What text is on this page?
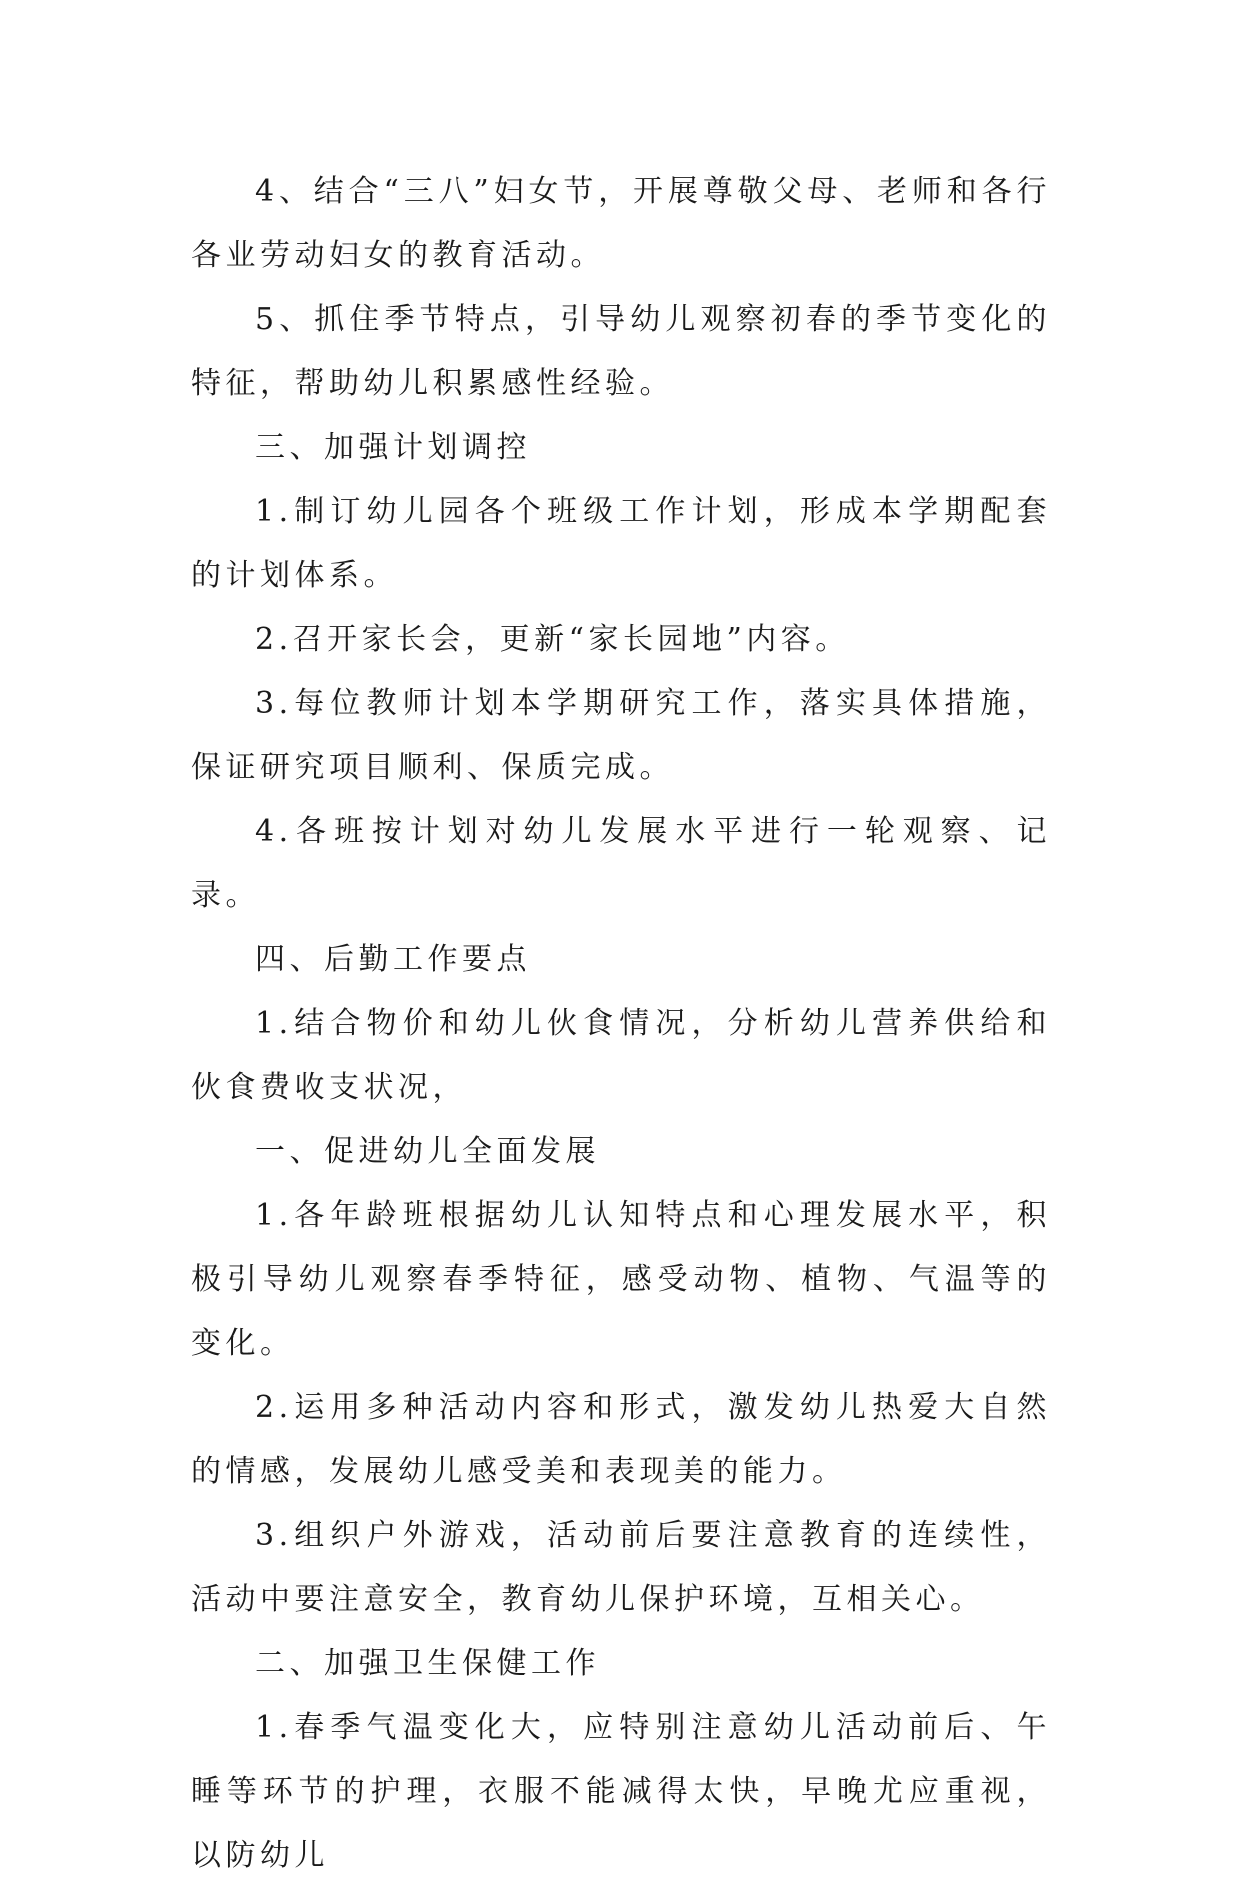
4、结合“三八”妇女节，开展尊敬父母、老师和各行各业劳动妇女的教育活动。

5、抓住季节特点，引导幼儿观察初春的季节变化的特征，帮助幼儿积累感性经验。

三、加强计划调控

1.制订幼儿园各个班级工作计划，形成本学期配套的计划体系。

2.召开家长会，更新“家长园地”内容。

3.每位教师计划本学期研究工作，落实具体措施，保证研究项目顺利、保质完成。

4.各班按计划对幼儿发展水平进行一轮观察、记录。

四、后勤工作要点

1.结合物价和幼儿伙食情况，分析幼儿营养供给和伙食费收支状况，

一、促进幼儿全面发展

1.各年龄班根据幼儿认知特点和心理发展水平，积极引导幼儿观察春季特征，感受动物、植物、气温等的变化。

2.运用多种活动内容和形式，激发幼儿热爱大自然的情感，发展幼儿感受美和表现美的能力。

3.组织户外游戏，活动前后要注意教育的连续性，活动中要注意安全，教育幼儿保护环境，互相关心。

二、加强卫生保健工作

1.春季气温变化大，应特别注意幼儿活动前后、午睡等环节的护理，衣服不能减得太快，早晚尤应重视，以防幼儿
